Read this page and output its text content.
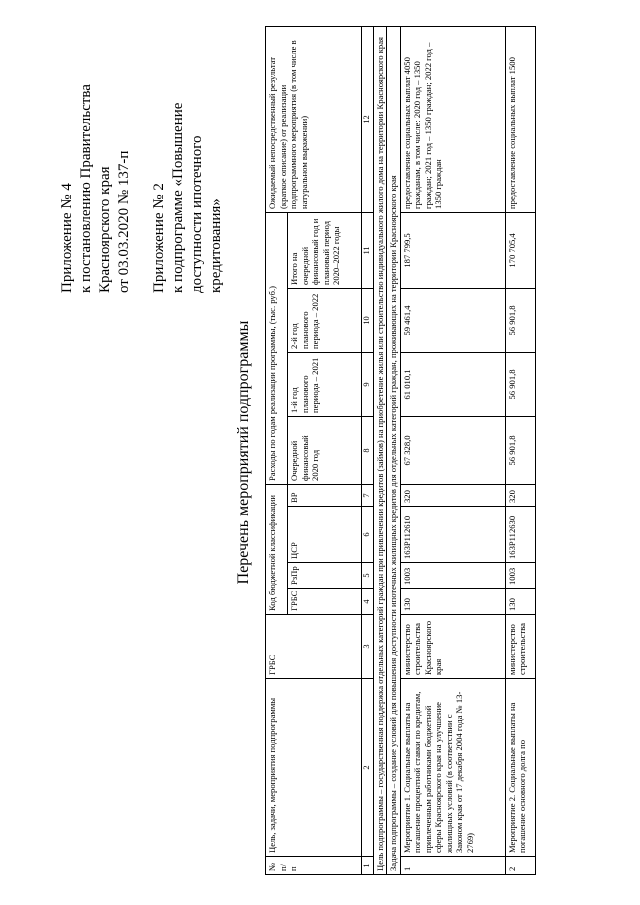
Приложение № 4 к постановлению Правительства Красноярского края от 03.03.2020 № 137-п Приложение № 2 к подпрограмме «Повышение доступности ипотечного кредитования»
Перечень мероприятий подпрограммы
№ п/п	Цель, задачи, мероприятия подпрограммы	ГРБС	Код бюджетной классификации				Расходы по годам реализации программы, (тыс. руб.)				Ожидаемый непосредственный результат (краткое описание) от реализации подпрограммного мероприятия (в том числе в натуральном выражении)
			ГРБС	РзПр	ЦСР	ВР	Очередной финансовый 2020 год	1-й год планового периода – 2021	2-й год планового периода – 2022	Итого на очередной финансовый год и плановый период 2020–2022 годы	

1	2	3	4	5	6	7	8	9	10	11	12
Цель подпрограммы – государственная поддержка отдельных категорий граждан при привлечении кредитов (займов) на приобретение жилья или строительство индивидуального жилого дома на территории Красноярского края											
Задача подпрограммы – создание условий для повышения доступности ипотечных жилищных кредитов для отдельных категорий граждан, проживающих на территории Красноярского края											
1	Мероприятие 1. Социальные выплаты на погашение процентной ставки по кредитам, привлеченным работниками бюджетной сферы Красноярского края на улучшение жилищных условий (в соответствии с Законом края от 17 декабря 2004 года № 13-2769)	министерство строительства Красноярского края	130	1003	163Р112610	320	67 328,0	61 010,1	59 461,4	187 799,5	предоставление социальных выплат 4050 гражданам, в том числе: 2020 год – 1350 граждан; 2021 год – 1350 граждан; 2022 год – 1350 граждан
2	Мероприятие 2. Социальные выплаты на погашение основного долга по	министерство строительства	130	1003	163Р112630	320	56 901,8	56 901,8	56 901,8	170 705,4	предоставление социальных выплат 1500
